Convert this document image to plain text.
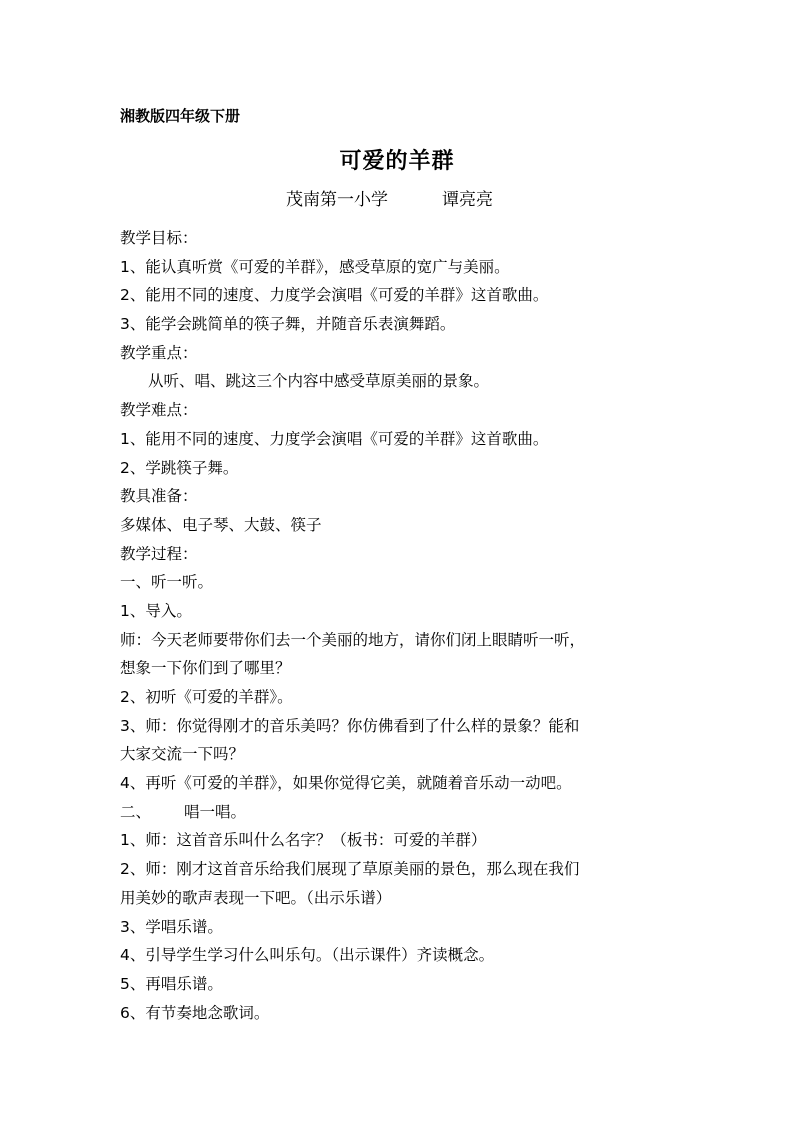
湘教版四年级下册

可爱的羊群
茂南第一小学	谭亮亮
教学目标：
1、能认真听赏《可爱的羊群》，感受草原的宽广与美丽。
2、能用不同的速度、力度学会演唱《可爱的羊群》这首歌曲。
3、能学会跳简单的筷子舞，并随音乐表演舞蹈。
教学重点：
从听、唱、跳这三个内容中感受草原美丽的景象。
教学难点：
1、能用不同的速度、力度学会演唱《可爱的羊群》这首歌曲。
2、学跳筷子舞。
教具准备：
多媒体、电子琴、大鼓、筷子
教学过程：
一、听一听。
1、导入。
师：今天老师要带你们去一个美丽的地方，请你们闭上眼睛听一听，
想象一下你们到了哪里？
2、初听《可爱的羊群》。
3、师：你觉得刚才的音乐美吗？你仿佛看到了什么样的景象？能和
大家交流一下吗？
4、再听《可爱的羊群》，如果你觉得它美，就随着音乐动一动吧。
二、 唱一唱。
1、师：这首音乐叫什么名字？（板书：可爱的羊群）
2、师：刚才这首音乐给我们展现了草原美丽的景色，那么现在我们
用美妙的歌声表现一下吧。（出示乐谱）
3、学唱乐谱。
4、引导学生学习什么叫乐句。（出示课件）齐读概念。
5、再唱乐谱。
6、有节奏地念歌词。
